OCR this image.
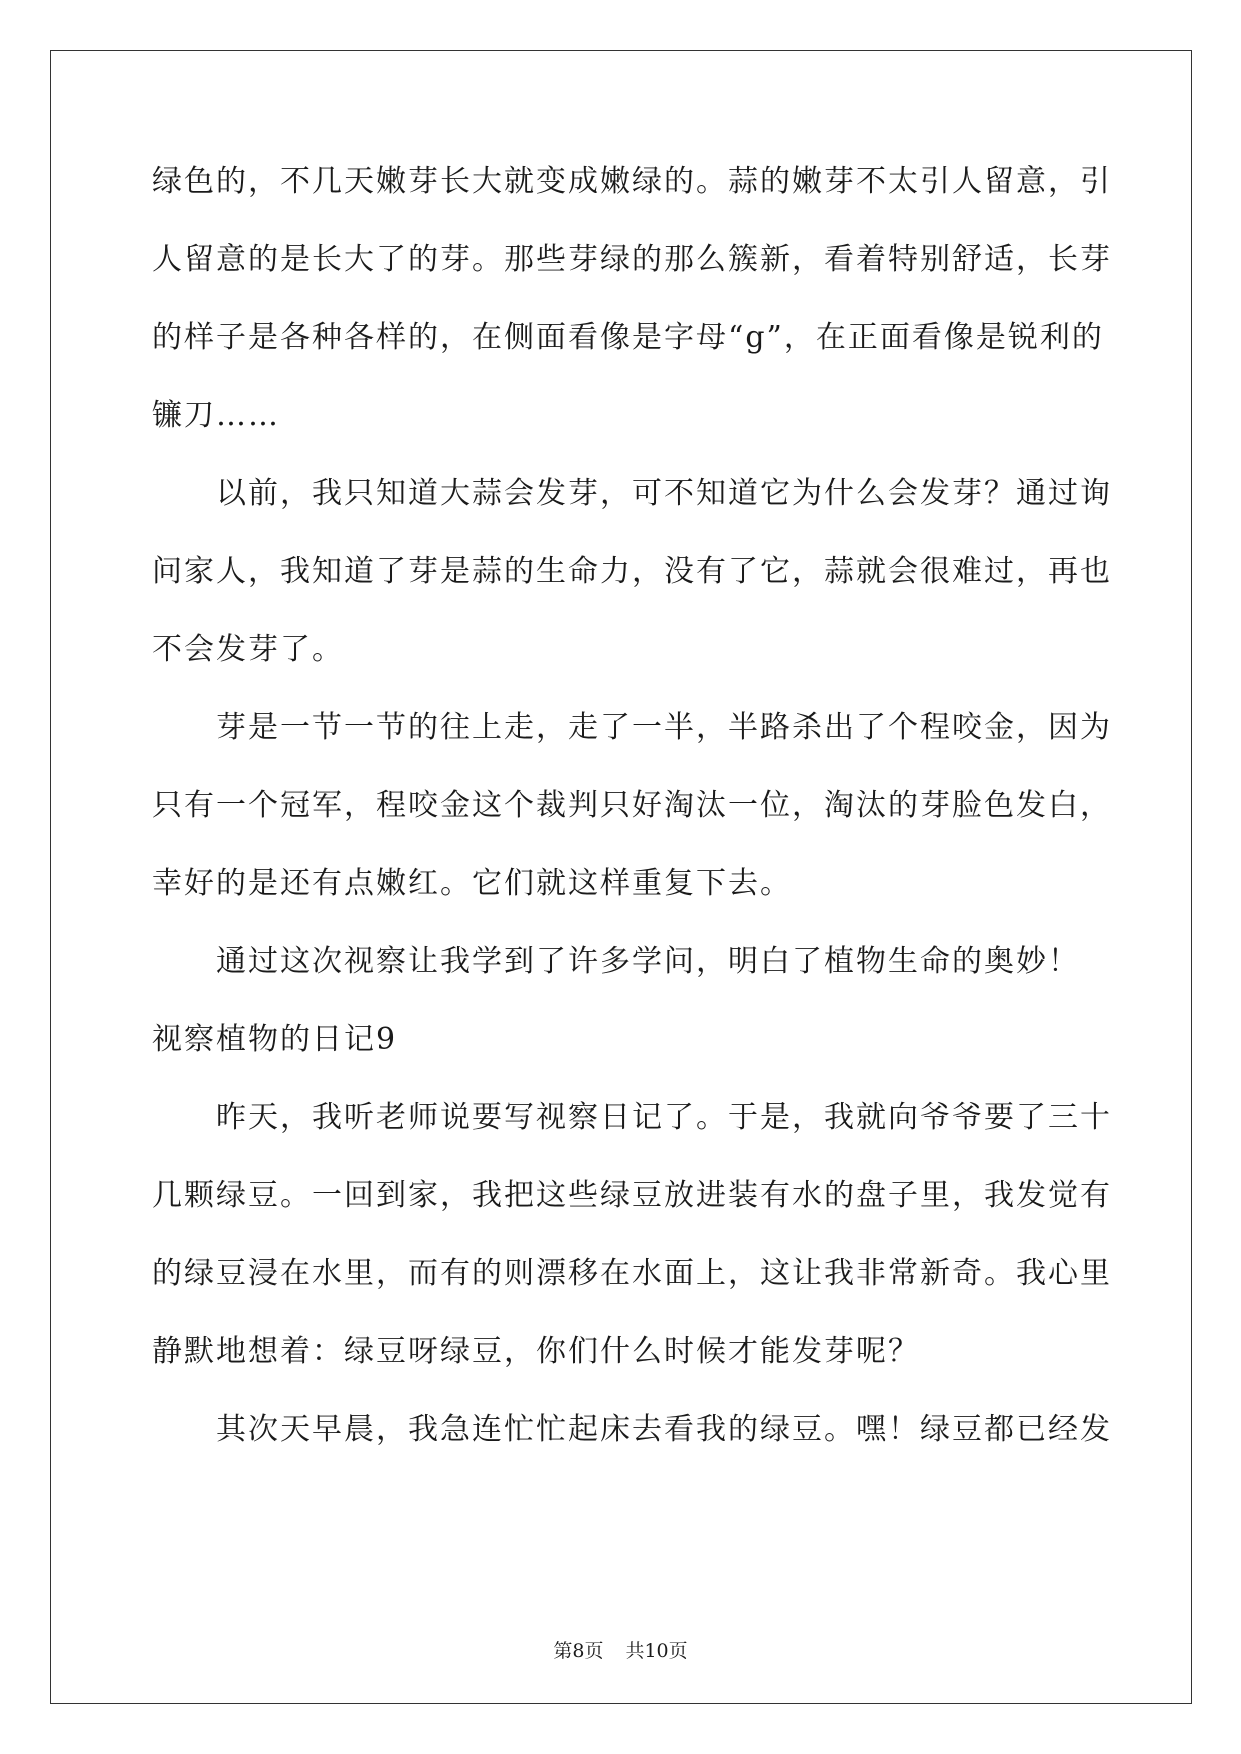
绿色的，不几天嫩芽长大就变成嫩绿的。蒜的嫩芽不太引人留意，引
人留意的是长大了的芽。那些芽绿的那么簇新，看着特别舒适，长芽
的样子是各种各样的，在侧面看像是字母“g”，在正面看像是锐利的
镰刀……
以前，我只知道大蒜会发芽，可不知道它为什么会发芽？通过询
问家人，我知道了芽是蒜的生命力，没有了它，蒜就会很难过，再也
不会发芽了。
芽是一节一节的往上走，走了一半，半路杀出了个程咬金，因为
只有一个冠军，程咬金这个裁判只好淘汰一位，淘汰的芽脸色发白，
幸好的是还有点嫩红。它们就这样重复下去。
通过这次视察让我学到了许多学问，明白了植物生命的奥妙！
视察植物的日记9
昨天，我听老师说要写视察日记了。于是，我就向爷爷要了三十
几颗绿豆。一回到家，我把这些绿豆放进装有水的盘子里，我发觉有
的绿豆浸在水里，而有的则漂移在水面上，这让我非常新奇。我心里
静默地想着：绿豆呀绿豆，你们什么时候才能发芽呢？
其次天早晨，我急连忙忙起床去看我的绿豆。嘿！绿豆都已经发
第8页 共10页
